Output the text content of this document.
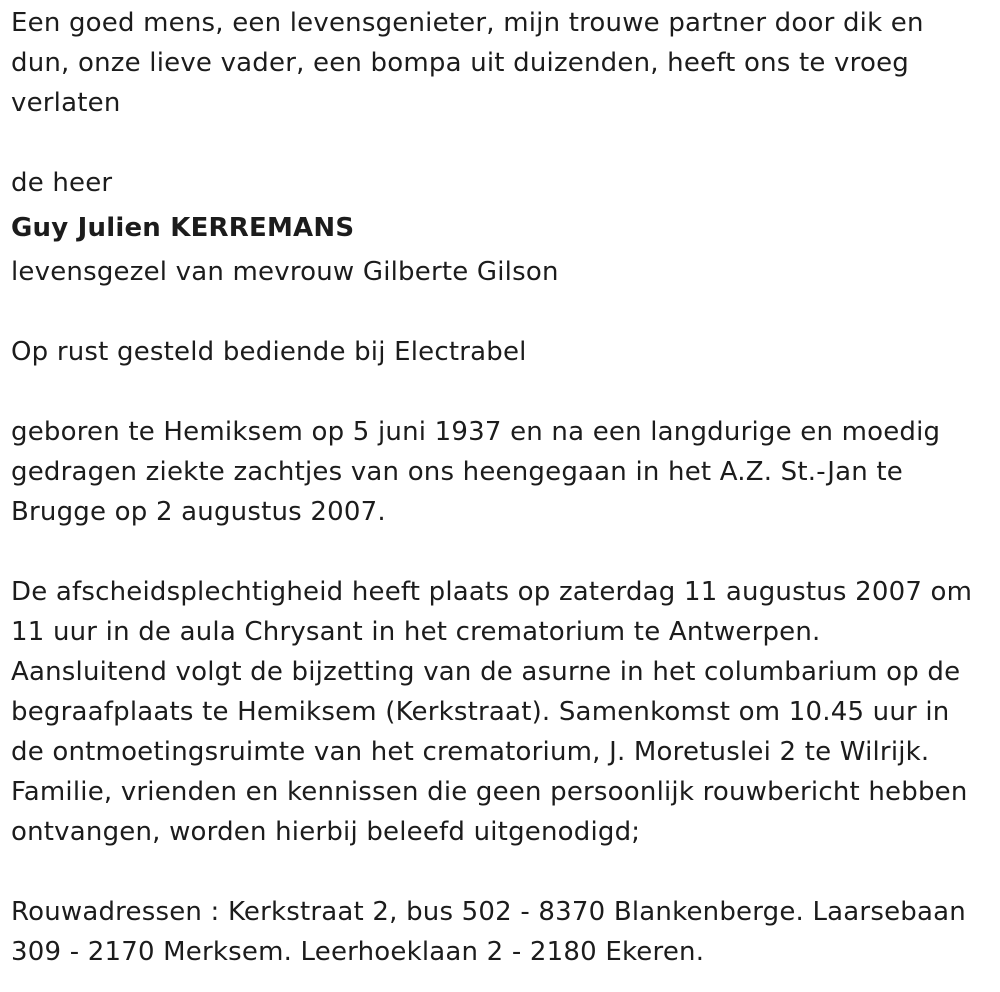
Een goed mens, een levensgenieter, mijn trouwe partner door dik en
dun, onze lieve vader, een bompa uit duizenden, heeft ons te vroeg
verlaten

de heer

Guy Julien KERREMANS

levensgezel van mevrouw Gilberte Gilson

Op rust gesteld bediende bij Electrabel

geboren te Hemiksem op 5 juni 1937 en na een langdurige en moedig
gedragen ziekte zachtjes van ons heengegaan in het A.Z. St.-Jan te
Brugge op 2 augustus 2007.

De afscheidsplechtigheid heeft plaats op zaterdag 11 augustus 2007 om
11 uur in de aula Chrysant in het crematorium te Antwerpen.
Aansluitend volgt de bijzetting van de asurne in het columbarium op de
begraafplaats te Hemiksem (Kerkstraat). Samenkomst om 10.45 uur in
de ontmoetingsruimte van het crematorium, J. Moretuslei 2 te Wilrijk.
Familie, vrienden en kennissen die geen persoonlijk rouwbericht hebben
ontvangen, worden hierbij beleefd uitgenodigd;

Rouwadressen : Kerkstraat 2, bus 502 - 8370 Blankenberge. Laarsebaan
309 - 2170 Merksem. Leerhoeklaan 2 - 2180 Ekeren.
